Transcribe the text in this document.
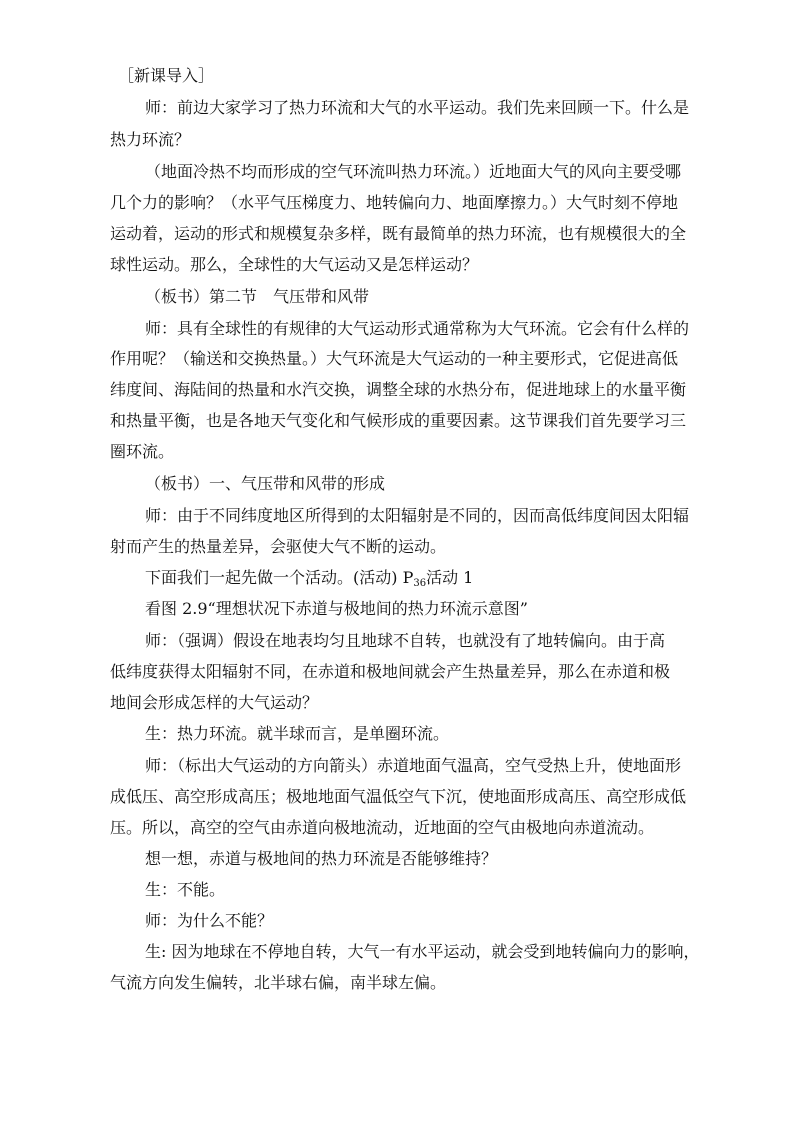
［新课导入］
师：前边大家学习了热力环流和大气的水平运动。我们先来回顾一下。什么是
热力环流？
（地面冷热不均而形成的空气环流叫热力环流。）近地面大气的风向主要受哪
几个力的影响？（水平气压梯度力、地转偏向力、地面摩擦力。）大气时刻不停地
运动着，运动的形式和规模复杂多样，既有最简单的热力环流，也有规模很大的全
球性运动。那么，全球性的大气运动又是怎样运动？
（板书）第二节　气压带和风带
师：具有全球性的有规律的大气运动形式通常称为大气环流。它会有什么样的
作用呢？（输送和交换热量。）大气环流是大气运动的一种主要形式，它促进高低
纬度间、海陆间的热量和水汽交换，调整全球的水热分布，促进地球上的水量平衡
和热量平衡，也是各地天气变化和气候形成的重要因素。这节课我们首先要学习三
圈环流。
（板书）一、气压带和风带的形成
师：由于不同纬度地区所得到的太阳辐射是不同的，因而高低纬度间因太阳辐
射而产生的热量差异，会驱使大气不断的运动。
下面我们一起先做一个活动。(活动) $P_{36}$活动 1
看图 2.9“理想状况下赤道与极地间的热力环流示意图”
师：（强调）假设在地表均匀且地球不自转，也就没有了地转偏向。由于高
低纬度获得太阳辐射不同，在赤道和极地间就会产生热量差异，那么在赤道和极
地间会形成怎样的大气运动？
生：热力环流。就半球而言，是单圈环流。
师：（标出大气运动的方向箭头）赤道地面气温高，空气受热上升，使地面形
成低压、高空形成高压；极地地面气温低空气下沉，使地面形成高压、高空形成低
压。所以，高空的空气由赤道向极地流动，近地面的空气由极地向赤道流动。
想一想，赤道与极地间的热力环流是否能够维持？
生：不能。
师：为什么不能？
生: 因为地球在不停地自转，大气一有水平运动，就会受到地转偏向力的影响，
气流方向发生偏转，北半球右偏，南半球左偏。
